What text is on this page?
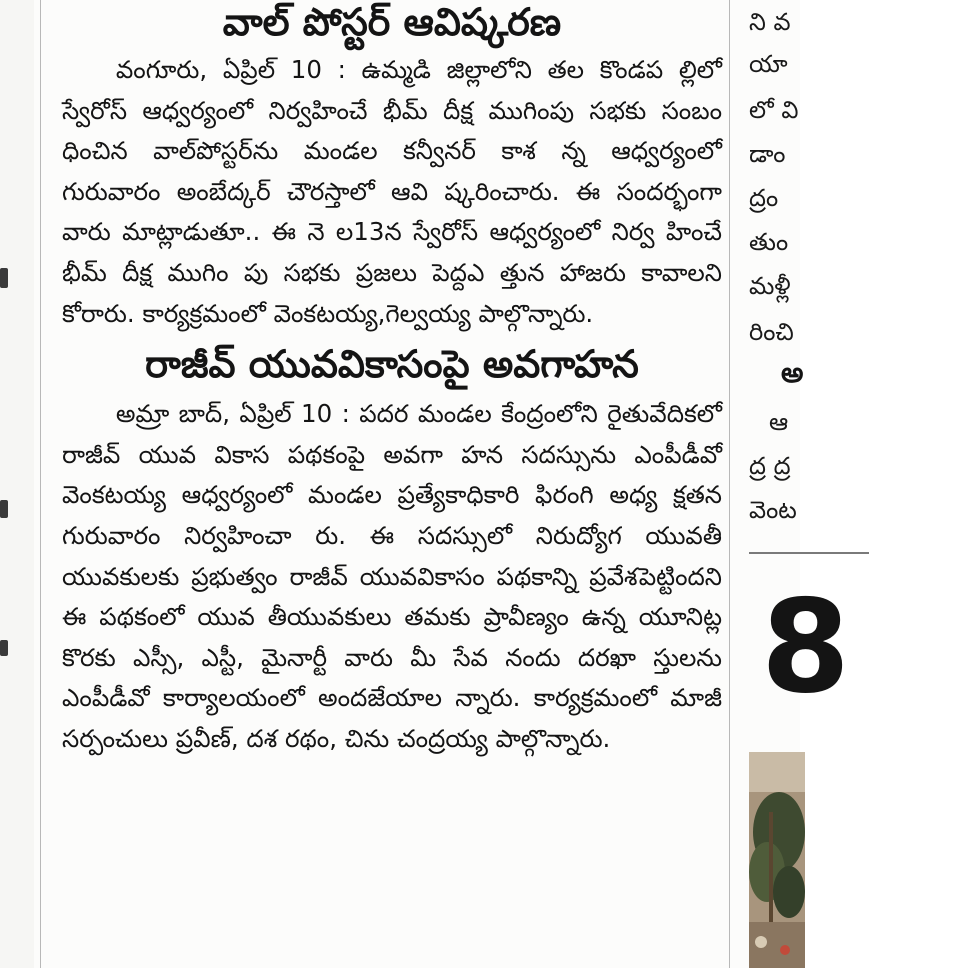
వాల్ పోస్టర్ ఆవిష్కరణ

వంగూరు, ఏప్రిల్ 10 : ఉమ్మడి జిల్లాలోని తల కొండప ల్లిలో స్వేరోస్ ఆధ్వర్యంలో నిర్వహించే భీమ్ దీక్ష ముగింపు సభకు సంబం ధించిన వాల్‌పోస్టర్‌ను మండల కన్వీనర్ కాశ న్న ఆధ్వర్యంలో గురువారం అంబేద్కర్ చౌరస్తాలో ఆవి ష్కరించారు. ఈ సందర్భంగా వారు మాట్లాడుతూ.. ఈ నె ల13న స్వేరోస్ ఆధ్వర్యంలో నిర్వ హించే భీమ్ దీక్ష ముగిం పు సభకు ప్రజలు పెద్దఎ త్తున హాజరు కావాలని కోరారు. కార్యక్రమంలో వెంకటయ్య,గెల్వయ్య పాల్గొన్నారు.

రాజీవ్ యువవికాసంపై అవగాహన

అమ్రా బాద్, ఏప్రిల్ 10 : పదర మండల కేంద్రంలోని రైతువేదికలో రాజీవ్ యువ వికాస పథకంపై అవగా హన సదస్సును ఎంపీడీవో వెంకటయ్య ఆధ్వర్యంలో మండల ప్రత్యేకాధికారి ఫిరంగి అధ్య క్షతన గురువారం నిర్వహించా రు. ఈ సదస్సులో నిరుద్యోగ యువతీ యువకులకు ప్రభుత్వం రాజీవ్ యువవికాసం పథకాన్ని ప్రవేశపెట్టిందని ఈ పథకంలో యువ తీయువకులు తమకు ప్రావీణ్యం ఉన్న యూనిట్ల కొరకు ఎస్సీ, ఎస్టీ, మైనార్టీ వారు మీ సేవ నందు దరఖా స్తులను ఎంపీడీవో కార్యాలయంలో అందజేయాల న్నారు. కార్యక్రమంలో మాజీ సర్పంచులు ప్రవీణ్, దశ రథం, చిను చంద్రయ్య పాల్గొన్నారు.

ని వ
యా
లో వి
డాం
ద్రం
తుం
మళ్లీ
రించి
అ
ఆ
ద్ర ద్ర
వెంట
8
